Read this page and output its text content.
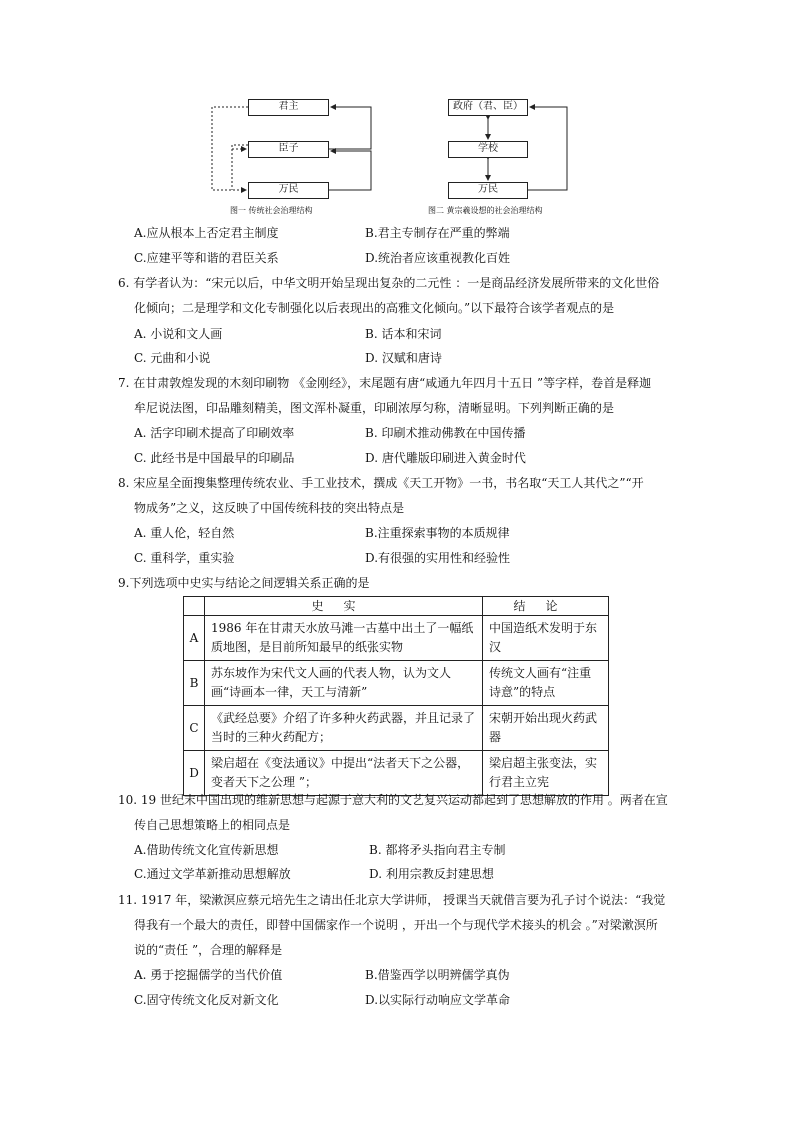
君主
臣子
万民
图一 传统社会治理结构
政府（君、臣）
学校
万民
图二 黄宗羲设想的社会治理结构
A.应从根本上否定君主制度	B.君主专制存在严重的弊端
C.应建平等和谐的君臣关系	D.统治者应该重视教化百姓
6. 有学者认为：“宋元以后，中华文明开始呈现出复杂的二元性 ：一是商品经济发展所带来的文化世俗
化倾向；二是理学和文化专制强化以后表现出的高雅文化倾向。”以下最符合该学者观点的是
A. 小说和文人画	B. 话本和宋词
C. 元曲和小说	D. 汉赋和唐诗
7. 在甘肃敦煌发现的木刻印刷物 《金刚经》，末尾题有唐“咸通九年四月十五日 ”等字样，卷首是释迦
牟尼说法图，印品雕刻精美，图文浑朴凝重，印刷浓厚匀称，清晰显明。下列判断正确的是
A. 活字印刷术提高了印刷效率	B. 印刷术推动佛教在中国传播
C. 此经书是中国最早的印刷品	D. 唐代雕版印刷进入黄金时代
8. 宋应星全面搜集整理传统农业、手工业技术，撰成《天工开物》一书，书名取“天工人其代之”“开
物成务”之义，这反映了中国传统科技的突出特点是
A. 重人伦，轻自然	B.注重探索事物的本质规律
C. 重科学，重实验	D.有很强的实用性和经验性
9.下列选项中史实与结论之间逻辑关系正确的是
	史实	结论
A	1986 年在甘肃天水放马滩一古墓中出土了一幅纸质地图，是目前所知最早的纸张实物	中国造纸术发明于东汉
B	苏东坡作为宋代文人画的代表人物，认为文人画“诗画本一律，天工与清新”	传统文人画有“注重诗意”的特点
C	《武经总要》介绍了许多种火药武器，并且记录了当时的三种火药配方；	宋朝开始出现火药武器
D	梁启超在《变法通议》中提出“法者天下之公器，变者天下之公理 ”；	梁启超主张变法，实行君主立宪
10. 19 世纪末中国出现的维新思想与起源于意大利的文艺复兴运动都起到了思想解放的作用 。两者在宣
传自己思想策略上的相同点是
A.借助传统文化宣传新思想	B. 都将矛头指向君主专制
C.通过文学革新推动思想解放	D. 利用宗教反封建思想
11. 1917 年，梁漱溟应蔡元培先生之请出任北京大学讲师， 授课当天就借言要为孔子讨个说法：“我觉
得我有一个最大的责任，即替中国儒家作一个说明 ，开出一个与现代学术接头的机会 。”对梁漱溟所
说的“责任 ”，合理的解释是
A. 勇于挖掘儒学的当代价值	B.借鉴西学以明辨儒学真伪
C.固守传统文化反对新文化	D.以实际行动响应文学革命
